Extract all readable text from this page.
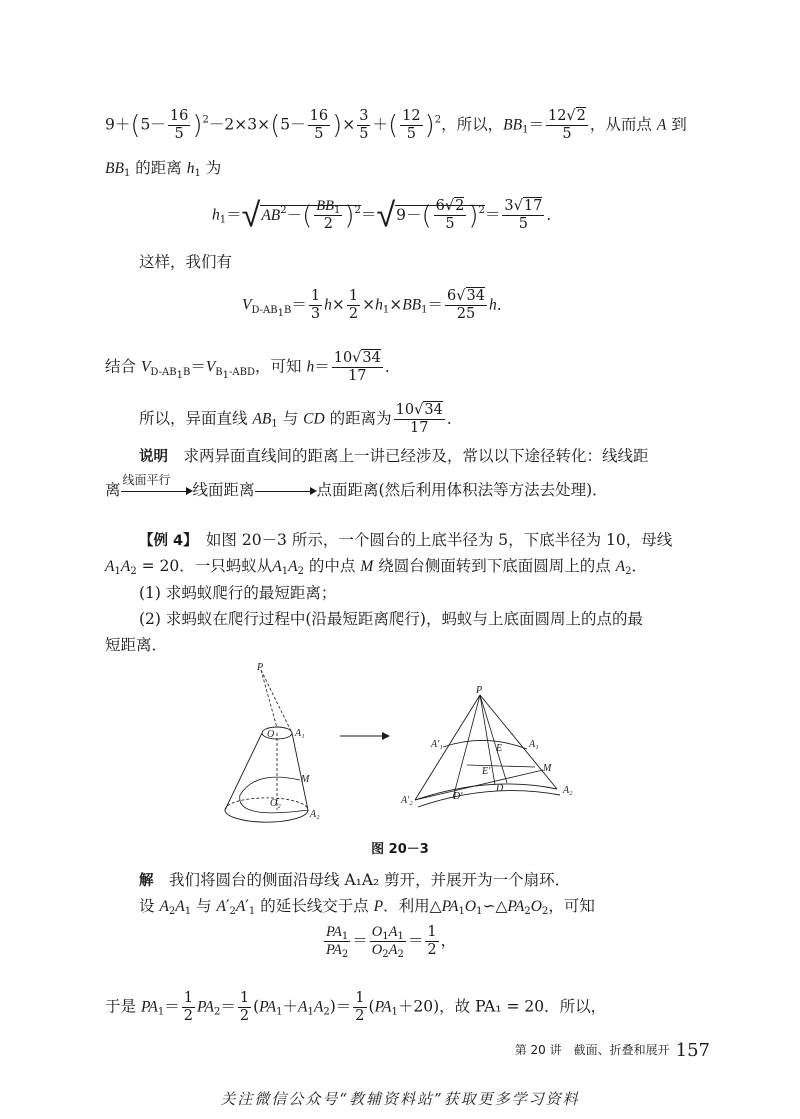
$9+(5- \frac{16}{5} )^2-2\times 3\times(5- \frac{16}{5}$ )× $\frac{3}{5}$ ＋( $\frac{12}{5} )^2$，所以，$BB_1= \frac{12√2}{5}$ ，从而点 A 到
$BB_1$ 的距离 $h_1$ 为
$h_1=√AB^2-( \frac{BB_1}{2} )^2=√9-( \frac{6√2}{5} )^2= \frac{3√17}{5}$ ．
这样，我们有
$V_{D-AB_1B}= \frac{1}{3} h\times \frac{1}{2} \times h_1\times BB_1= \frac{6√34}{25}$ h．
结合 $V_{D-AB_1B}=V_{B_1-ABD}$，可知 $h= \frac{10√34}{17}$ ．
所以，异面直线 $AB_1$ 与 CD 的距离为 $\frac{10√34}{17}$ ．
说明　 求两异面直线间的距离上一讲已经涉及，常以以下途径转化：线线距
离
线面平行
线面距离	点面距离(然后利用体积法等方法去处理)．
【例 4】　 如图 20－3 所示，一个圆台的上底半径为 5，下底半径为 10，母线
$A_1A_2 = 20$．一只蚂蚁从$A_1A_2$ 的中点 M 绕圆台侧面转到下底面圆周上的点 $A_2$．
(1) 求蚂蚁爬行的最短距离；
(2) 求蚂蚁在爬行过程中(沿最短距离爬行)，蚂蚁与上底面圆周上的点的最
短距离．
P
O A₁
M
O₂
A₂
P
A′₁	A₁
E
E′	M
D
D′
A′₂
A₂
图 20－3
解　 我们将圆台的侧面沿母线 A₁A₂ 剪开，并展开为一个扇环．
设 $A_2A_1$ 与 $A'_2A'_1$ 的延长线交于点 P．利用$\triangle PA_1O_1∽\triangle PA_2O_2$，可知
$\frac{PA_1}{PA_2} = \frac{O_1A_1}{O_2A_2} = \frac{1}{2}$ ，
于是 $PA_1= \frac{1}{2} PA_2= \frac{1}{2} (PA_1+A_1A_2)= \frac{1}{2} (PA_1+20)$，故 PA₁ = 20．所以，
第 20 讲　截面、折叠和展开 157
关注微信公众号“教辅资料站”获取更多学习资料
